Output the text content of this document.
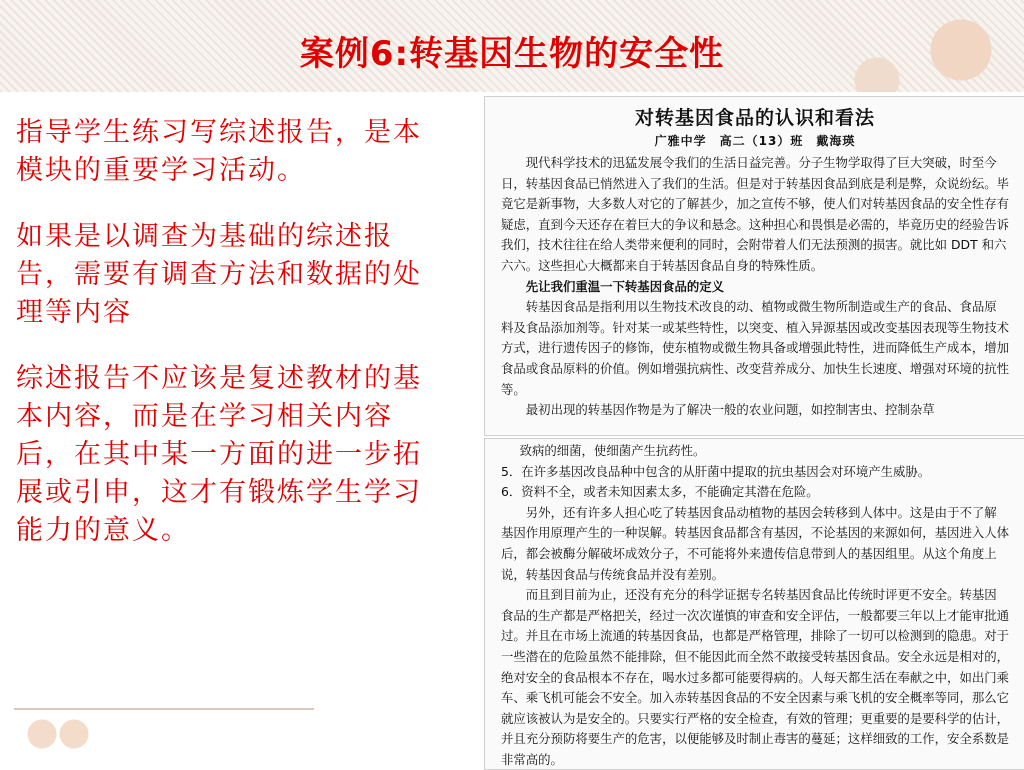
案例6:转基因生物的安全性

指导学生练习写综述报告，是本模块的重要学习活动。

如果是以调查为基础的综述报告，需要有调查方法和数据的处理等内容

综述报告不应该是复述教材的基本内容，而是在学习相关内容后，在其中某一方面的进一步拓展或引申，这才有锻炼学生学习能力的意义。

对转基因食品的认识和看法
广雅中学　高二（13）班　戴海瑛

现代科学技术的迅猛发展令我们的生活日益完善。分子生物学取得了巨大突破，时至今日，转基因食品已悄然进入了我们的生活。但是对于转基因食品到底是利是弊，众说纷纭。毕竟它是新事物，大多数人对它的了解甚少，加之宣传不够，使人们对转基因食品的安全性存有疑虑，直到今天还存在着巨大的争议和悬念。这种担心和畏惧是必需的，毕竟历史的经验告诉我们，技术往往在给人类带来便利的同时，会附带着人们无法预测的损害。就比如 DDT 和六六六。这些担心大概都来自于转基因食品自身的特殊性质。

先让我们重温一下转基因食品的定义

转基因食品是指利用以生物技术改良的动、植物或微生物所制造或生产的食品、食品原料及食品添加剂等。针对某一或某些特性，以突变、植入异源基因或改变基因表现等生物技术方式，进行遗传因子的修饰，使东植物或微生物具备或增强此特性，进而降低生产成本，增加食品或食品原料的价值。例如增强抗病性、改变营养成分、加快生长速度、增强对环境的抗性等。

最初出现的转基因作物是为了解决一般的农业问题，如控制害虫、控制杂草

致病的细菌，使细菌产生抗药性。

5．在许多基因改良品种中包含的从肝菌中提取的抗虫基因会对环境产生威胁。

6．资料不全，或者未知因素太多，不能确定其潜在危险。

另外，还有许多人担心吃了转基因食品动植物的基因会转移到人体中。这是由于不了解基因作用原理产生的一种误解。转基因食品都含有基因，不论基因的来源如何，基因进入人体后，都会被酶分解破坏成效分子，不可能将外来遗传信息带到人的基因组里。从这个角度上说，转基因食品与传统食品并没有差别。

而且到目前为止，还没有充分的科学证据专名转基因食品比传统时评更不安全。转基因食品的生产都是严格把关，经过一次次谨慎的审查和安全评估，一般都要三年以上才能审批通过。并且在市场上流通的转基因食品，也都是严格管理，排除了一切可以检测到的隐患。对于一些潜在的危险虽然不能排除，但不能因此而全然不敢接受转基因食品。安全永远是相对的，绝对安全的食品根本不存在，喝水过多都可能要得病的。人每天都生活在奉献之中，如出门乘车、乘飞机可能会不安全。加入赤转基因食品的不安全因素与乘飞机的安全概率等同，那么它就应该被认为是安全的。只要实行严格的安全检查，有效的管理；更重要的是要科学的估计，并且充分预防将要生产的危害，以便能够及时制止毒害的蔓延；这样细致的工作，安全系数是非常高的。
